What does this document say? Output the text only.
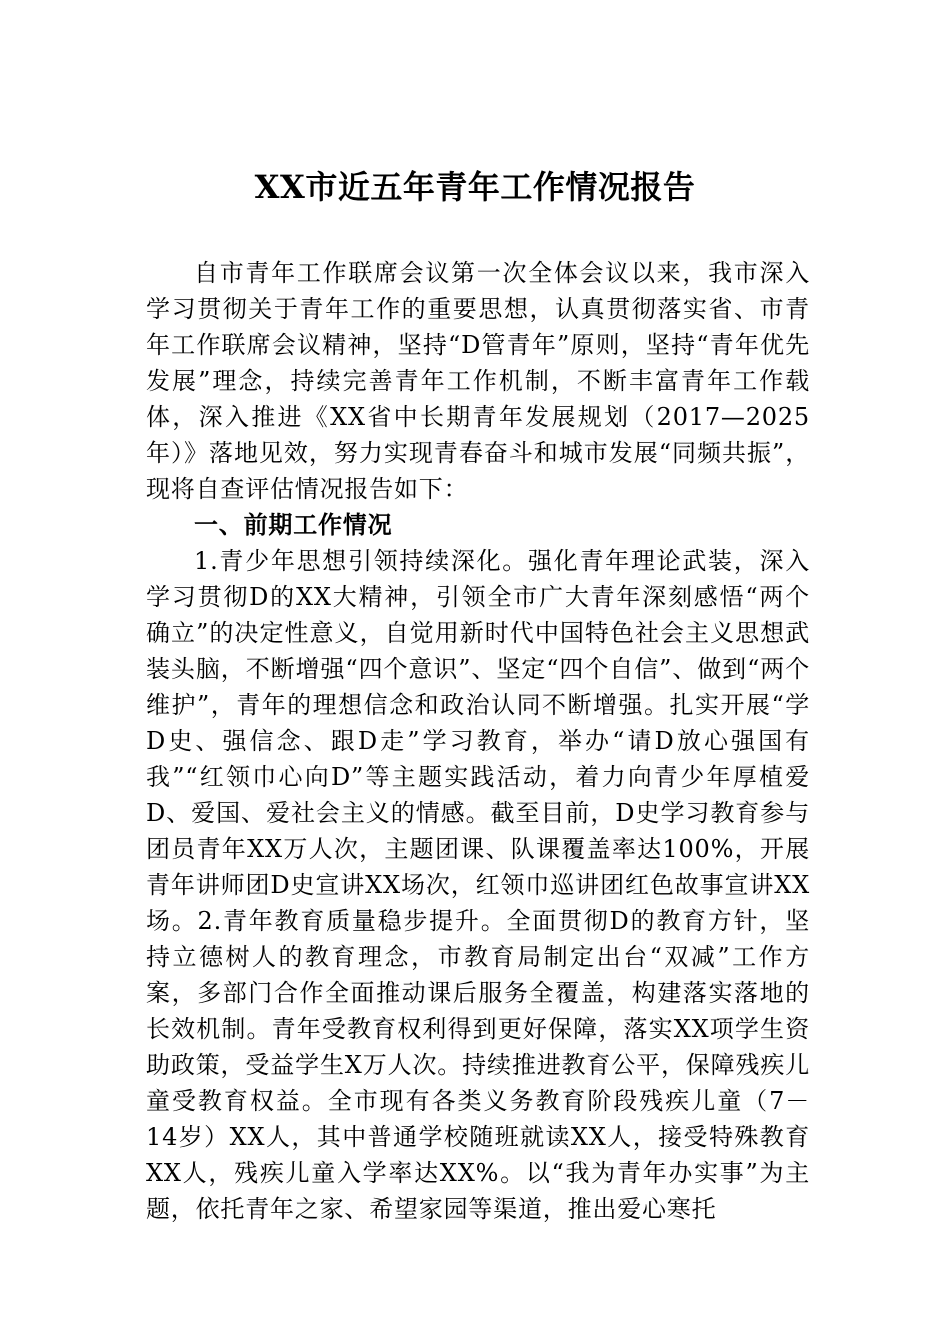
XX市近五年青年工作情况报告

自市青年工作联席会议第一次全体会议以来，我市深入学习贯彻关于青年工作的重要思想，认真贯彻落实省、市青年工作联席会议精神，坚持“D管青年”原则，坚持“青年优先发展”理念，持续完善青年工作机制，不断丰富青年工作载体，深入推进《XX省中长期青年发展规划（2017—2025年）》落地见效，努力实现青春奋斗和城市发展“同频共振”，现将自查评估情况报告如下：

一、前期工作情况

1.青少年思想引领持续深化。强化青年理论武装，深入学习贯彻D的XX大精神，引领全市广大青年深刻感悟“两个确立”的决定性意义，自觉用新时代中国特色社会主义思想武装头脑，不断增强“四个意识”、坚定“四个自信”、做到“两个维护”，青年的理想信念和政治认同不断增强。扎实开展“学D史、强信念、跟D走”学习教育，举办“请D放心强国有我”“红领巾心向D”等主题实践活动，着力向青少年厚植爱D、爱国、爱社会主义的情感。截至目前，D史学习教育参与团员青年XX万人次，主题团课、队课覆盖率达100%，开展青年讲师团D史宣讲XX场次，红领巾巡讲团红色故事宣讲XX场。2.青年教育质量稳步提升。全面贯彻D的教育方针，坚持立德树人的教育理念，市教育局制定出台“双减”工作方案，多部门合作全面推动课后服务全覆盖，构建落实落地的长效机制。青年受教育权利得到更好保障，落实XX项学生资助政策，受益学生X万人次。持续推进教育公平，保障残疾儿童受教育权益。全市现有各类义务教育阶段残疾儿童（7－14岁）XX人，其中普通学校随班就读XX人，接受特殊教育XX人，残疾儿童入学率达XX%。以“我为青年办实事”为主题，依托青年之家、希望家园等渠道，推出爱心寒托
